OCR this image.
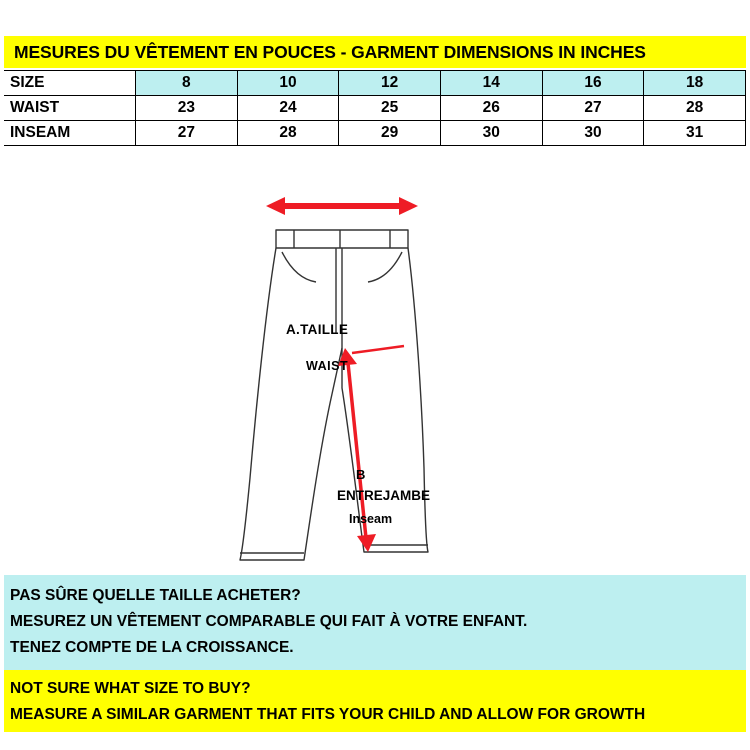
MESURES DU VÊTEMENT EN POUCES - GARMENT DIMENSIONS IN INCHES
SIZE	8	10	12	14	16	18
WAIST	23	24	25	26	27	28
INSEAM	27	28	29	30	30	31
A.TAILLE
WAIST
B
ENTREJAMBE
Inseam
PAS SÛRE QUELLE TAILLE ACHETER?
MESUREZ UN VÊTEMENT COMPARABLE QUI FAIT À VOTRE ENFANT.
TENEZ COMPTE DE LA CROISSANCE.
NOT SURE WHAT SIZE TO BUY?
MEASURE A SIMILAR GARMENT THAT FITS YOUR CHILD AND ALLOW FOR GROWTH
